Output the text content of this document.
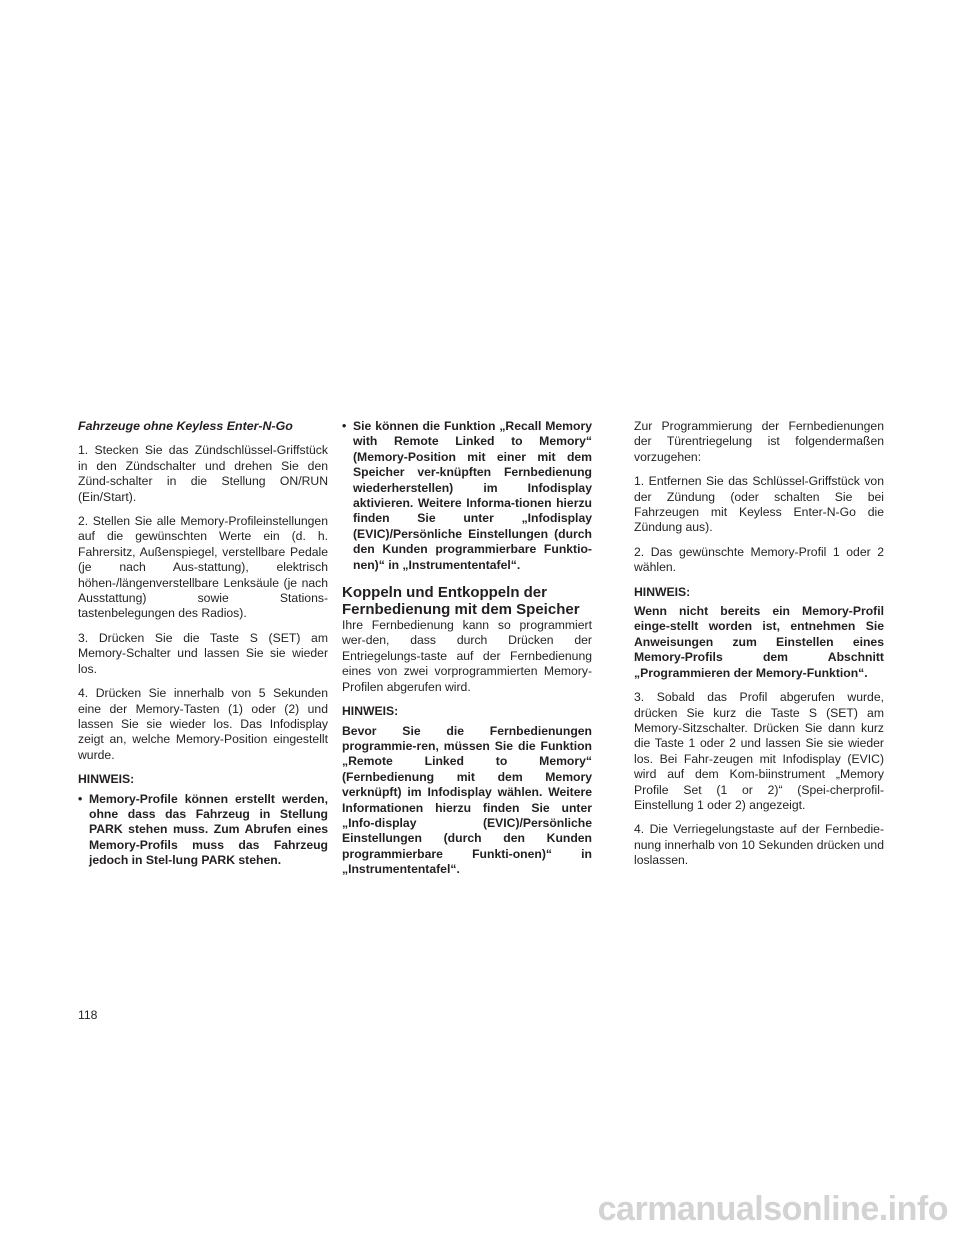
Fahrzeuge ohne Keyless Enter-N-Go

1. Stecken Sie das Zündschlüssel-Griffstück in den Zündschalter und drehen Sie den Zünd-schalter in die Stellung ON/RUN (Ein/Start).

2. Stellen Sie alle Memory-Profileinstellungen auf die gewünschten Werte ein (d. h. Fahrersitz, Außenspiegel, verstellbare Pedale (je nach Aus-stattung), elektrisch höhen-/längenverstellbare Lenksäule (je nach Ausstattung) sowie Stations-tastenbelegungen des Radios).

3. Drücken Sie die Taste S (SET) am Memory-Schalter und lassen Sie sie wieder los.

4. Drücken Sie innerhalb von 5 Sekunden eine der Memory-Tasten (1) oder (2) und lassen Sie sie wieder los. Das Infodisplay zeigt an, welche Memory-Position eingestellt wurde.

HINWEIS:
• Memory-Profile können erstellt werden, ohne dass das Fahrzeug in Stellung PARK stehen muss. Zum Abrufen eines Memory-Profils muss das Fahrzeug jedoch in Stel-lung PARK stehen.
• Sie können die Funktion „Recall Memory with Remote Linked to Memory“ (Memory-Position mit einer mit dem Speicher ver-knüpften Fernbedienung wiederherstellen) im Infodisplay aktivieren. Weitere Informa-tionen hierzu finden Sie unter „Infodisplay (EVIC)/Persönliche Einstellungen (durch den Kunden programmierbare Funktio-nen)“ in „Instrumententafel“.
Koppeln und Entkoppeln der Fernbedienung mit dem Speicher

Ihre Fernbedienung kann so programmiert wer-den, dass durch Drücken der Entriegelungs-taste auf der Fernbedienung eines von zwei vorprogrammierten Memory-Profilen abgerufen wird.

HINWEIS:

Bevor Sie die Fernbedienungen programmie-ren, müssen Sie die Funktion „Remote Linked to Memory“ (Fernbedienung mit dem Memory verknüpft) im Infodisplay wählen. Weitere Informationen hierzu finden Sie unter „Info-display (EVIC)/Persönliche Einstellungen (durch den Kunden programmierbare Funkti-onen)“ in „Instrumententafel“.

Zur Programmierung der Fernbedienungen der Türentriegelung ist folgendermaßen vorzugehen:

1. Entfernen Sie das Schlüssel-Griffstück von der Zündung (oder schalten Sie bei Fahrzeugen mit Keyless Enter-N-Go die Zündung aus).

2. Das gewünschte Memory-Profil 1 oder 2 wählen.

HINWEIS:

Wenn nicht bereits ein Memory-Profil einge-stellt worden ist, entnehmen Sie Anweisungen zum Einstellen eines Memory-Profils dem Abschnitt „Programmieren der Memory-Funktion“.

3. Sobald das Profil abgerufen wurde, drücken Sie kurz die Taste S (SET) am Memory-Sitzschalter. Drücken Sie dann kurz die Taste 1 oder 2 und lassen Sie sie wieder los. Bei Fahr-zeugen mit Infodisplay (EVIC) wird auf dem Kom-biinstrument „Memory Profile Set (1 or 2)“ (Spei-cherprofil-Einstellung 1 oder 2) angezeigt.

4. Die Verriegelungstaste auf der Fernbedie-nung innerhalb von 10 Sekunden drücken und loslassen.

118
carmanualsonline.info
